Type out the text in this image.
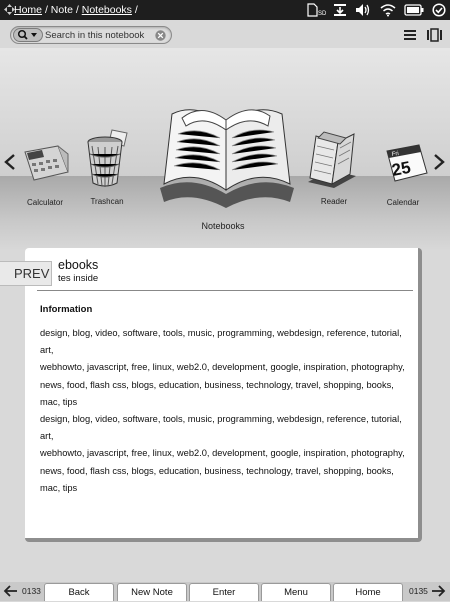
Home / Note / Notebooks /	SD
Search in this notebook
Calculator	Trashcan
Notebooks
Reader
Fri
25
Calendar
ebooks
tes inside
Information
design, blog, video, software, tools, music, programming, webdesign, reference, tutorial, art,
webhowto, javascript, free, linux, web2.0, development, google, inspiration, photography,
news, food, flash css, blogs, education, business, technology, travel, shopping, books, mac, tips
design, blog, video, software, tools, music, programming, webdesign, reference, tutorial, art,
webhowto, javascript, free, linux, web2.0, development, google, inspiration, photography,
news, food, flash css, blogs, education, business, technology, travel, shopping, books, mac, tips
PREV
0133	Back	New Note	Enter	Menu	Home	0135
